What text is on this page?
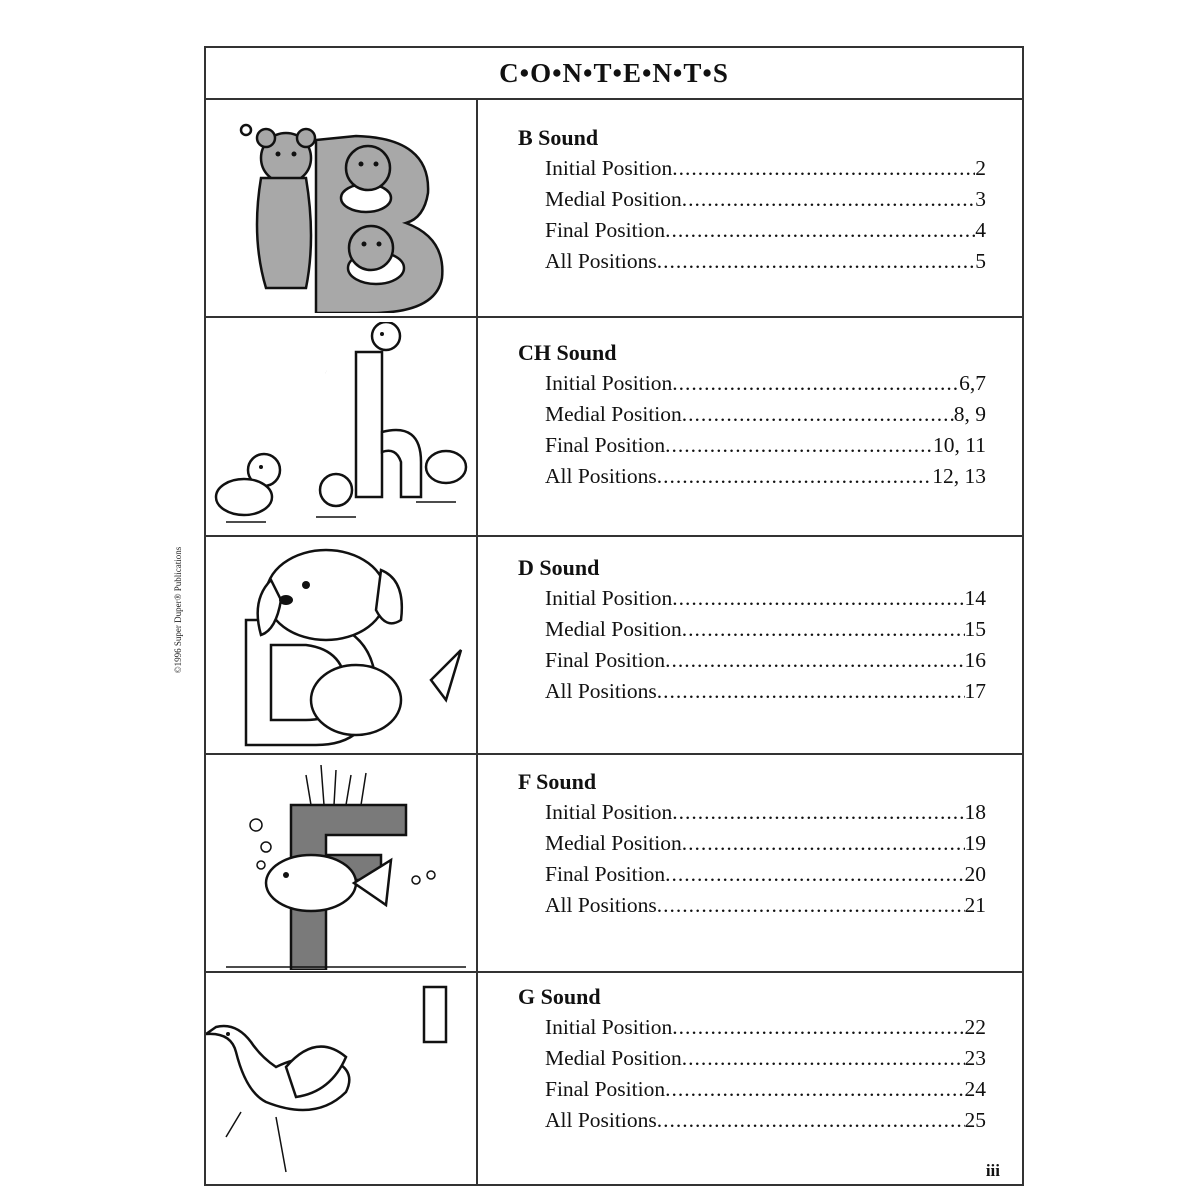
©1996 Super Duper® Publications
C•O•N•T•E•N•T•S
B Sound
Initial Position .....	2
Medial Position .....	3
Final Position .....	4
All Positions .....	5
CH Sound
Initial Position .....	6,7
Medial Position .....	8, 9
Final Position .....	10, 11
All Positions .....	12, 13
D Sound
Initial Position .....	14
Medial Position .....	15
Final Position .....	16
All Positions .....	17
F Sound
Initial Position .....	18
Medial Position .....	19
Final Position .....	20
All Positions .....	21
G Sound
Initial Position .....	22
Medial Position .....	23
Final Position .....	24
All Positions .....	25
iii
